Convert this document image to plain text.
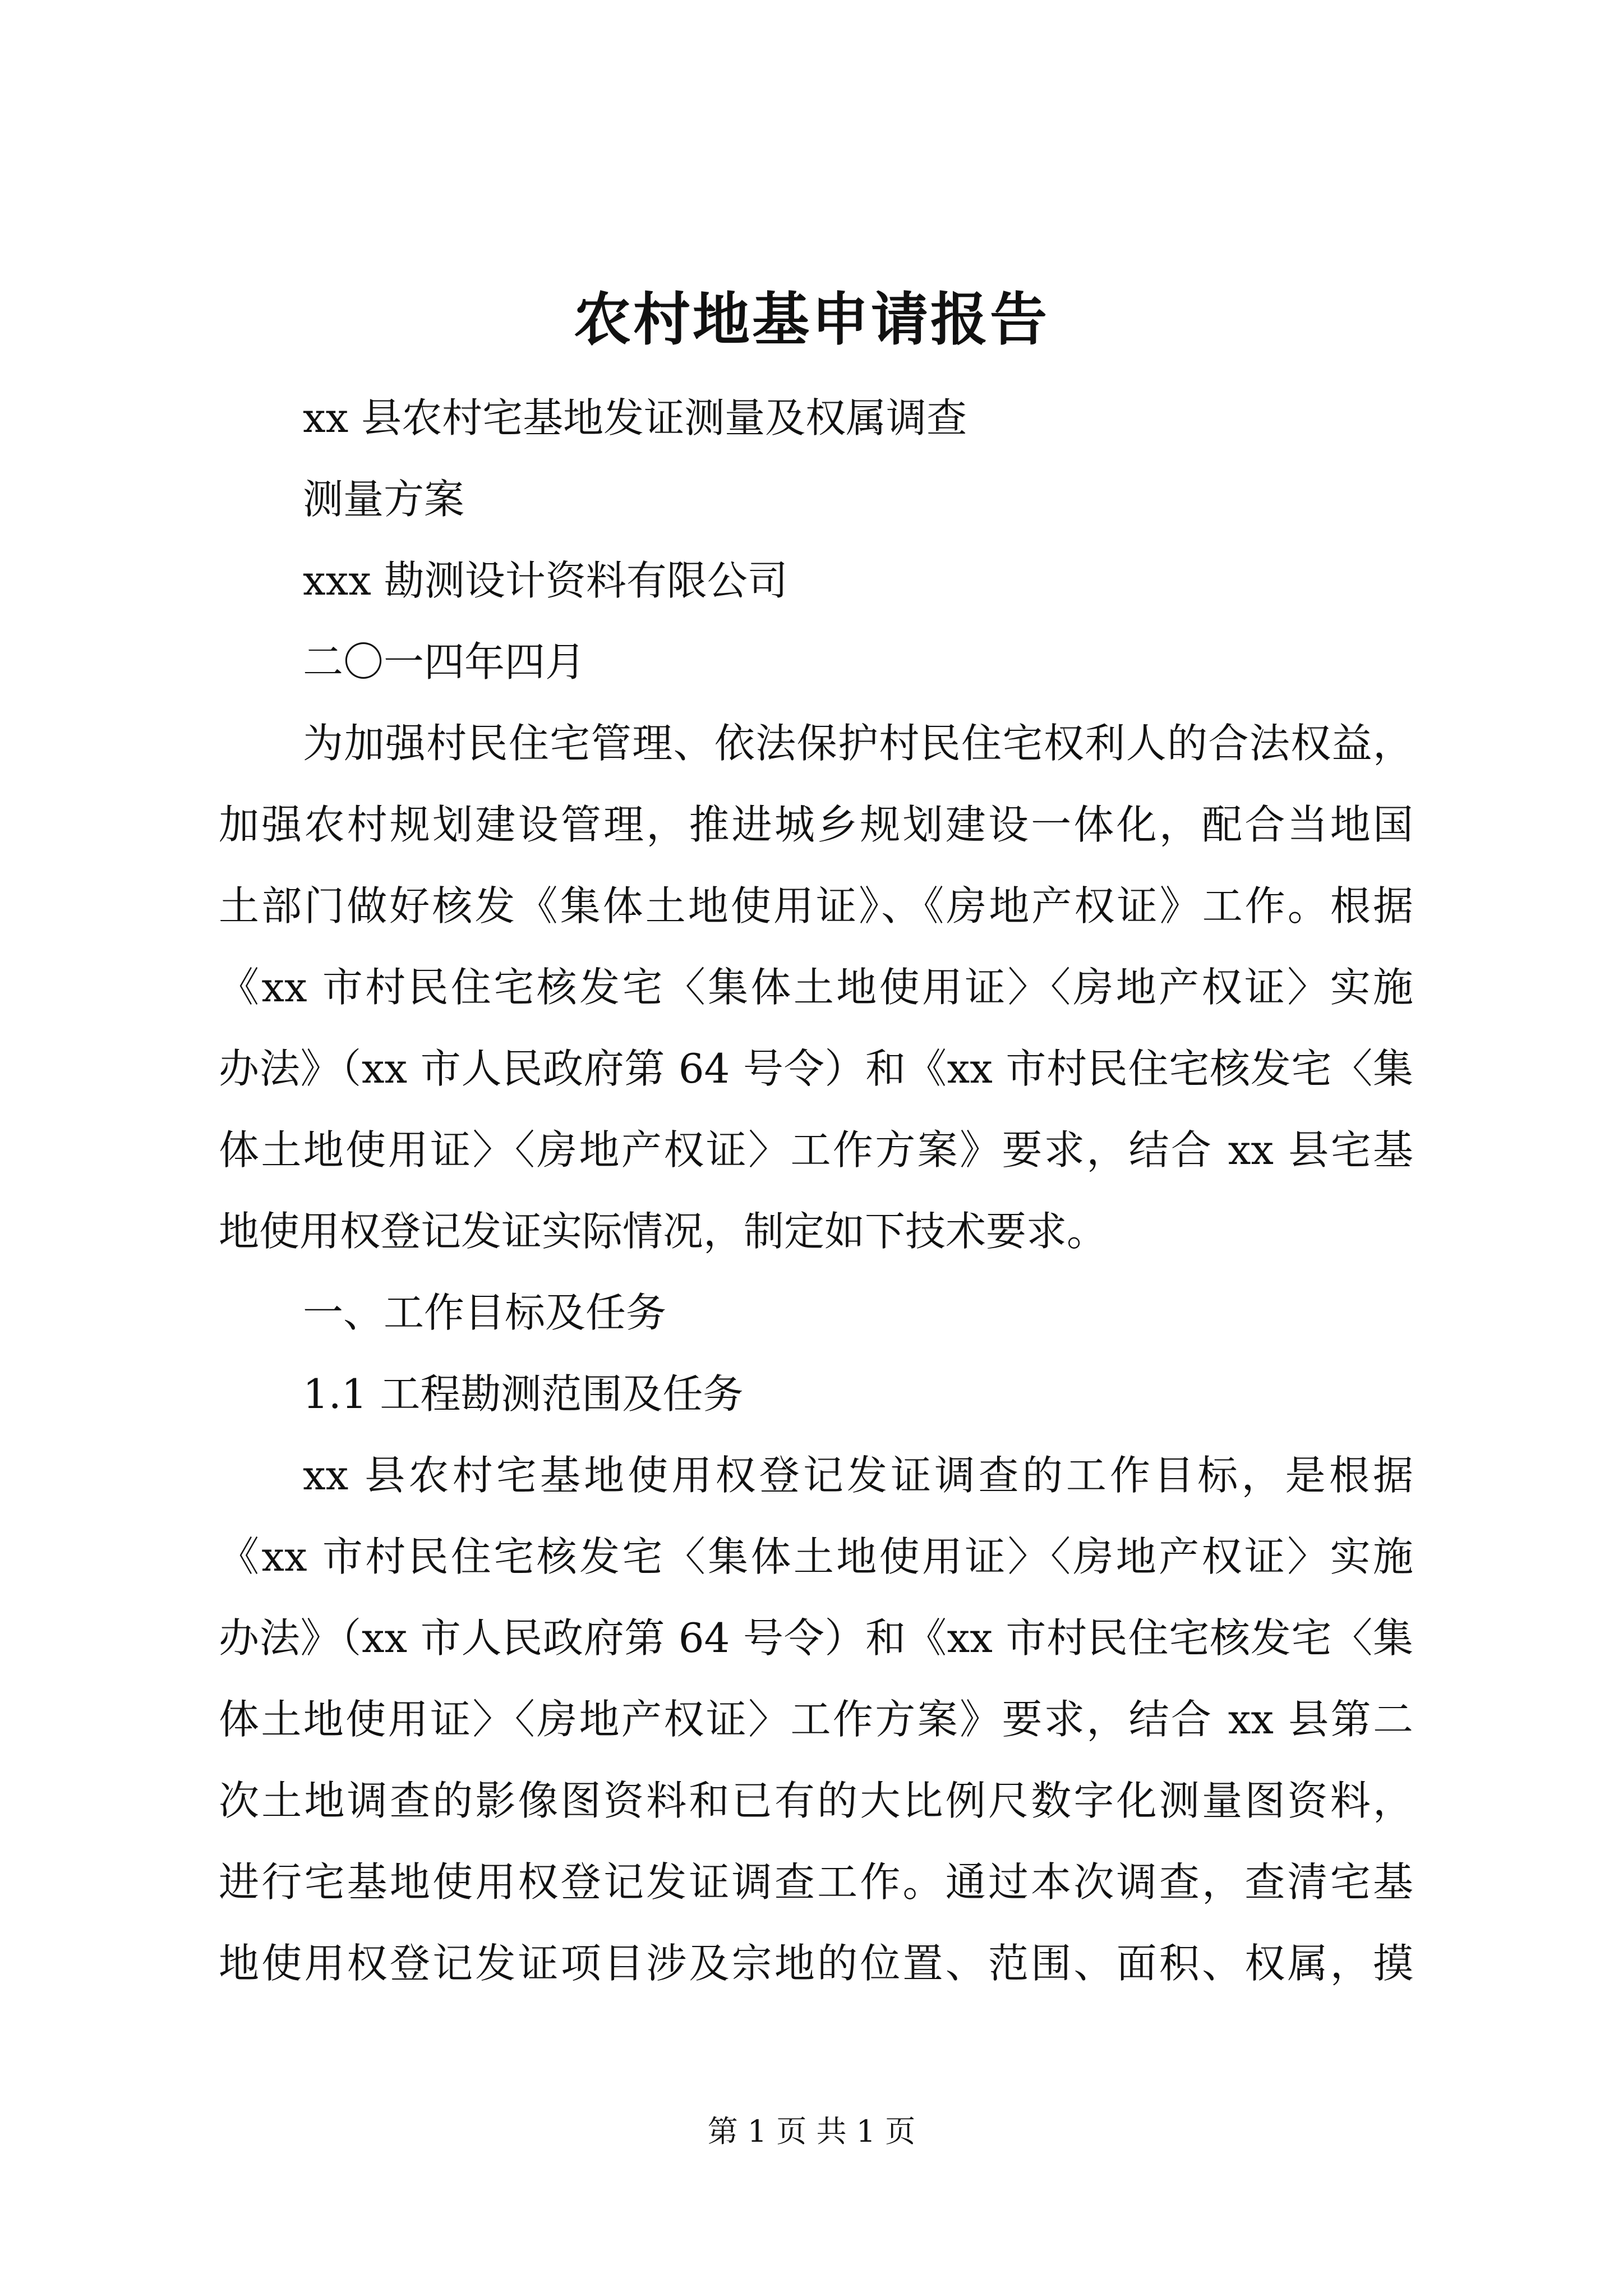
农村地基申请报告
xx 县农村宅基地发证测量及权属调查
测量方案
xxx 勘测设计资料有限公司
二〇一四年四月
为加强村民住宅管理、依法保护村民住宅权利人的合法权益，
加强农村规划建设管理，推进城乡规划建设一体化，配合当地国
土部门做好核发《集体土地使用证》、《房地产权证》工作。根据
《xx 市村民住宅核发宅〈集体土地使用证〉〈房地产权证〉实施
办法》（xx 市人民政府第 64 号令）和《xx 市村民住宅核发宅〈集
体土地使用证〉〈房地产权证〉工作方案》要求，结合 xx 县宅基
地使用权登记发证实际情况，制定如下技术要求。
一、工作目标及任务
1.1 工程勘测范围及任务
xx 县农村宅基地使用权登记发证调查的工作目标，是根据
《xx 市村民住宅核发宅〈集体土地使用证〉〈房地产权证〉实施
办法》（xx 市人民政府第 64 号令）和《xx 市村民住宅核发宅〈集
体土地使用证〉〈房地产权证〉工作方案》要求，结合 xx 县第二
次土地调查的影像图资料和已有的大比例尺数字化测量图资料，
进行宅基地使用权登记发证调查工作。通过本次调查，查清宅基
地使用权登记发证项目涉及宗地的位置、范围、面积、权属，摸
第 1 页 共 1 页
